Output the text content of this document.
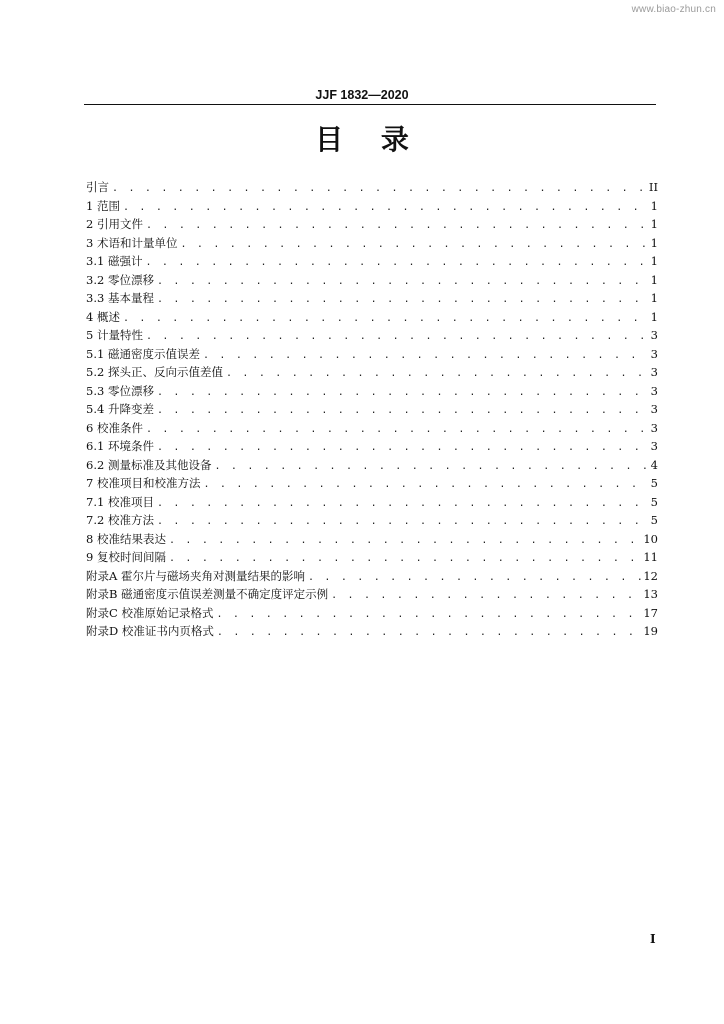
www.biao-zhun.cn
JJF 1832—2020
目 录
引言 . . .	II
1 范围 . . .	1
2 引用文件 . . .	1
3 术语和计量单位 . . .	1
3.1 磁强计 . . .	1
3.2 零位漂移 . . .	1
3.3 基本量程 . . .	1
4 概述 . . .	1
5 计量特性 . . .	3
5.1 磁通密度示值误差 . . .	3
5.2 探头正、反向示值差值 . . .	3
5.3 零位漂移 . . .	3
5.4 升降变差 . . .	3
6 校准条件 . . .	3
6.1 环境条件 . . .	3
6.2 测量标准及其他设备 . . .	4
7 校准项目和校准方法 . . .	5
7.1 校准项目 . . .	5
7.2 校准方法 . . .	5
8 校准结果表达 . . .	10
9 复校时间间隔 . . .	11
附录A 霍尔片与磁场夹角对测量结果的影响 . . .	12
附录B 磁通密度示值误差测量不确定度评定示例 . . .	13
附录C 校准原始记录格式 . . .	17
附录D 校准证书内页格式 . . .	19
I
